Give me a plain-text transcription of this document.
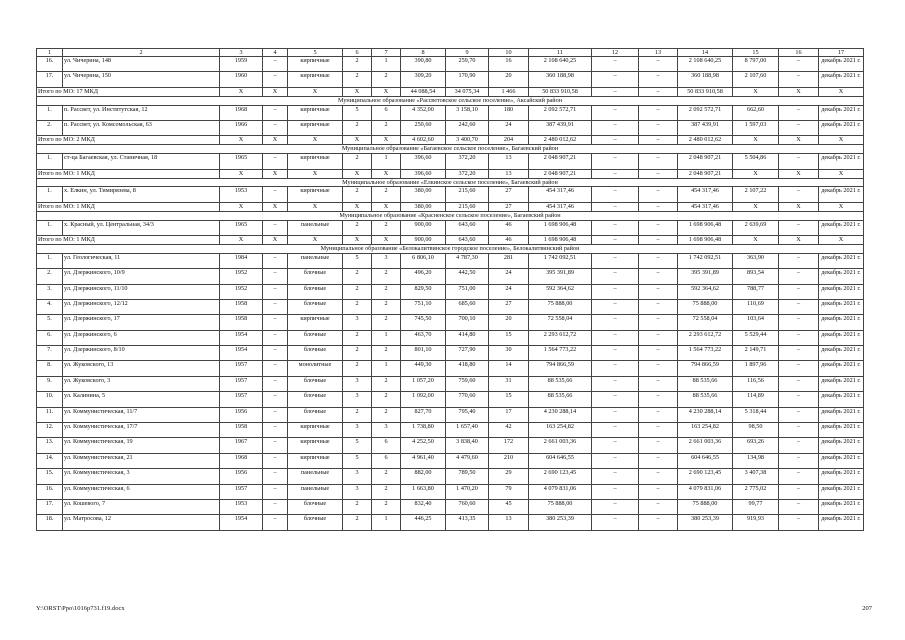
1	2	3	4	5	6	7	8	9	10	11	12	13	14	15	16	17
16.	ул. Чичерина, 148	1959	–	кирпичные	2	1	390,80	259,70	16	2 108 640,25	–	–	2 108 640,25	8 797,00	–	декабрь 2021 г.
17.	ул. Чичерина, 150	1960	–	кирпичные	2	2	309,20	170,90	20	360 188,98	–	–	360 188,98	2 107,60	–	декабрь 2021 г.
Итого по МО: 17 МКД		X	X	X	X	X	44 088,54	34 075,34	1 466	50 833 910,58	–	–	50 833 910,58	X	X	X
Муниципальное образование «Рассветовское сельское поселение», Аксайский район																
1.	п. Рассвет, ул. Институтская, 12	1968	–	кирпичные	5	6	4 352,00	3 158,10	180	2 092 572,71	–	–	2 092 572,71	662,60	–	декабрь 2021 г.
2.	п. Рассвет, ул. Комсомольская, 63	1966	–	кирпичные	2	2	250,60	242,60	24	387 439,91	–	–	387 439,91	1 597,03	–	декабрь 2021 г.
Итого по МО: 2 МКД		X	X	X	X	X	4 602,60	3 400,70	204	2 480 012,62	–	–	2 480 012,62	X	X	X
Муниципальное образование «Багаевское сельское поселение», Багаевский район																
1.	ст-ца Багаевская, ул. Станичная, 18	1965	–	кирпичные	2	1	396,60	372,20	13	2 048 907,21	–	–	2 048 907,21	5 504,86	–	декабрь 2021 г.
Итого по МО: 1 МКД		X	X	X	X	X	396,60	372,20	13	2 048 907,21	–	–	2 048 907,21	X	X	X
Муниципальное образование «Елкинское сельское поселение», Багаевский район																
1.	х. Елкин, ул. Тимирязева, 8	1953	–	кирпичные	2	2	380,00	215,60	27	454 317,46	–	–	454 317,46	2 107,22	–	декабрь 2021 г.
Итого по МО: 1 МКД		X	X	X	X	X	380,00	215,60	27	454 317,46	–	–	454 317,46	X	X	X
Муниципальное образование «Красненское сельское поселение», Багаевский район																
1.	х. Красный, ул. Центральная, 34/3	1965	–	панельные	2	2	900,00	643,60	46	1 698 906,48	–	–	1 698 906,48	2 639,69	–	декабрь 2021 г.
Итого по МО: 1 МКД		X	X	X	X	X	900,00	643,60	46	1 698 906,48	–	–	1 698 906,48	X	X	X
Муниципальное образование «Белокалитвинское городское поселение», Белокалитвинский район																
1.	ул. Геологическая, 11	1984	–	панельные	5	3	6 806,10	4 787,30	281	1 742 092,51	–	–	1 742 092,51	363,90	–	декабрь 2021 г.
2.	ул. Дзержинского, 10/9	1952	–	блочные	2	2	496,20	442,50	24	395 391,89	–	–	395 391,89	893,54	–	декабрь 2021 г.
3.	ул. Дзержинского, 11/10	1952	–	блочные	2	2	829,50	751,00	24	592 364,62	–	–	592 364,62	788,77	–	декабрь 2021 г.
4.	ул. Дзержинского, 12/12	1958	–	блочные	2	2	751,10	685,60	27	75 888,00	–	–	75 888,00	110,69	–	декабрь 2021 г.
5.	ул. Дзержинского, 17	1958	–	кирпичные	3	2	745,50	700,10	20	72 558,04	–	–	72 558,04	103,64	–	декабрь 2021 г.
6.	ул. Дзержинского, 6	1954	–	блочные	2	1	463,70	414,80	15	2 293 612,72	–	–	2 293 612,72	5 529,44	–	декабрь 2021 г.
7.	ул. Дзержинского, 8/10	1954	–	блочные	2	2	801,10	727,90	30	1 564 773,22	–	–	1 564 773,22	2 149,71	–	декабрь 2021 г.
8.	ул. Жуковского, 13	1957	–	монолитные	2	1	449,30	418,80	14	794 866,59	–	–	794 866,59	1 897,96	–	декабрь 2021 г.
9.	ул. Жуковского, 3	1957	–	блочные	3	2	1 057,20	759,60	31	88 535,66	–	–	88 535,66	116,56	–	декабрь 2021 г.
10.	ул. Калинина, 5	1957	–	блочные	3	2	1 092,00	770,60	15	88 535,66	–	–	88 535,66	114,89	–	декабрь 2021 г.
11.	ул. Коммунистическая, 11/7	1956	–	блочные	2	2	827,70	795,40	17	4 230 288,14	–	–	4 230 288,14	5 318,44	–	декабрь 2021 г.
12.	ул. Коммунистическая, 17/7	1958	–	кирпичные	3	3	1 738,80	1 657,40	42	163 254,82	–	–	163 254,82	98,50	–	декабрь 2021 г.
13.	ул. Коммунистическая, 19	1967	–	кирпичные	5	6	4 252,50	3 838,40	172	2 661 003,36	–	–	2 661 003,36	693,26	–	декабрь 2021 г.
14.	ул. Коммунистическая, 21	1968	–	кирпичные	5	6	4 961,40	4 479,60	210	604 646,55	–	–	604 646,55	134,98	–	декабрь 2021 г.
15.	ул. Коммунистическая, 3	1956	–	панельные	3	2	882,00	789,50	29	2 690 123,45	–	–	2 690 123,45	3 407,38	–	декабрь 2021 г.
16.	ул. Коммунистическая, 6	1957	–	панельные	3	2	1 663,80	1 470,20	79	4 079 831,06	–	–	4 079 831,06	2 775,02	–	декабрь 2021 г.
17.	ул. Кошевого, 7	1953	–	блочные	2	2	832,40	760,60	45	75 888,00	–	–	75 888,00	99,77	–	декабрь 2021 г.
18.	ул. Матросова, 12	1954	–	блочные	2	1	446,25	413,35	13	380 253,39	–	–	380 253,39	919,93	–	декабрь 2021 г.
Y:\ORST\Ppo\1016p731.f19.docx	207
